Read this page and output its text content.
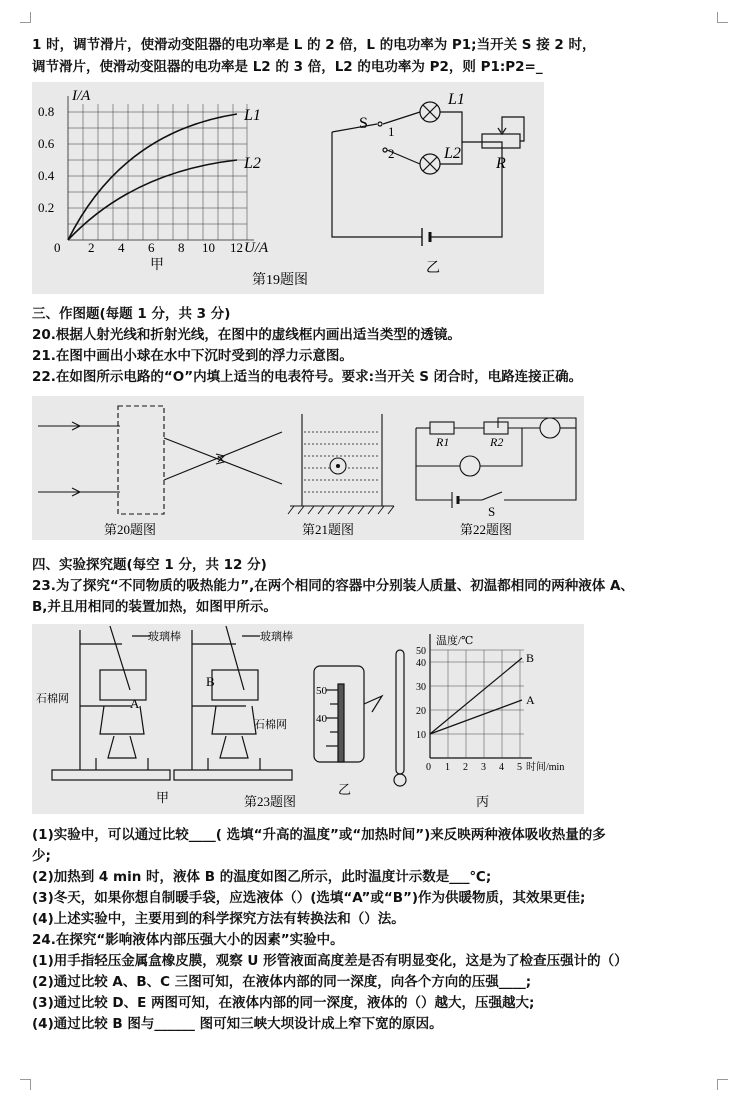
1 时，调节滑片，使滑动变阻器的电功率是 L 的 2 倍，L 的电功率为 P1;当开关 S 接 2 时，
调节滑片，使滑动变阻器的电功率是 L2 的 3 倍，L2 的电功率为 P2，则 P1:P2=_
I/A
0.8
0.6
0.4
0.2
0 2 4 6 8 10 12 U/A
L1
L2
甲
第19题图
S 1
2
L1
L2
R
乙
三、作图题(每题 1 分，共 3 分)
20.根据人射光线和折射光线，在图中的虚线框内画出适当类型的透镜。
21.在图中画出小球在水中下沉时受到的浮力示意图。
22.在如图所示电路的“O”内填上适当的电表符号。要求:当开关 S 闭合时，电路连接正确。
R1	R2
S
第20题图	第21题图	第22题图
四、实验探究题(每空 1 分，共 12 分)
23.为了探究“不同物质的吸热能力”,在两个相同的容器中分别装人质量、初温都相同的两种液体 A、
B,并且用相同的装置加热，如图甲所示。
玻璃棒	玻璃棒
石棉网
石棉网
A
B
甲	第23题图
50
40
乙
温度/℃
50
40
30
20
10
0 1 2 3 4 5 时间/min
B
A
丙
(1)实验中，可以通过比较____( 选填“升高的温度”或“加热时间”)来反映两种液体吸收热量的多
少;
(2)加热到 4 min 时，液体 B 的温度如图乙所示，此时温度计示数是___℃;
(3)冬天，如果你想自制暖手袋，应选液体（）(选填“A”或“B”)作为供暖物质，其效果更佳;
(4)上述实验中，主要用到的科学探究方法有转换法和（）法。
24.在探究“影响液体内部压强大小的因素”实验中。
(1)用手指轻压金属盒橡皮膜，观察 U 形管液面高度差是否有明显变化，这是为了检查压强计的（）
(2)通过比较 A、B、C 三图可知，在液体内部的同一深度，向各个方向的压强____;
(3)通过比较 D、E 两图可知，在液体内部的同一深度，液体的（）越大，压强越大;
(4)通过比较 B 图与______ 图可知三峡大坝设计成上窄下宽的原因。
